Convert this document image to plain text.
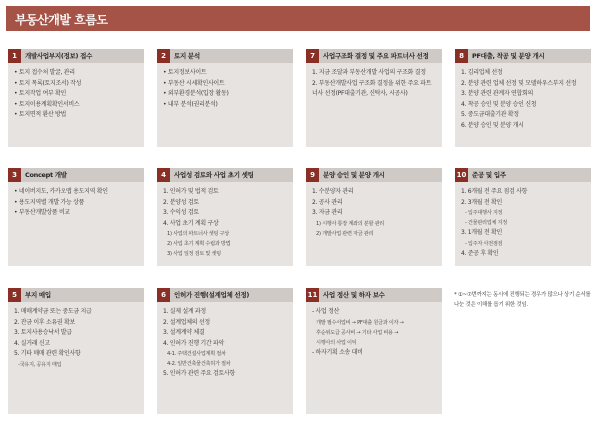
부동산개발 흐름도
1	개발사업부지(정보) 접수
• 토지 접수처 발굴, 관리
• 토지 목록(토지조서) 작성
• 토지작업 여부 확인
• 토지이용계획확인서비스
• 토지면적 환산 방법
2	토지 분석
• 토지정보사이트
• 부동산 시세확인사이트
• 외부환경분석(입장 활동)
• 내부 분석(권리분석)
7	사업구조화 결정 및 주요 파트너사 선정
1. 지금 조달과 부동산개발 사업의 구조화 결정
2. 부동산개발사업 구조화 결정을 위한 주요 파트너사 선정(PF대출기관, 신탁사, 시공사)
8	PF대출, 착공 및 분양 개시
1. 김리업체 선정
2. 분양 관련 업체 선정 및 모델하우스부지 선정
3. 분양 관련 관계자 연합회의
4. 착공 승인 및 분양 승인 신청
5. 중도금대출기관 확정
6. 분양 승인 및 분양 개시
3	Concept 개발
• 네이버지도, 카카오맵 용도지역 확인
• 용도지역별 개발 가능 상품
• 부동산개발상품 비교
4	사업성 검토와 사업 초기 셋팅
1. 인허가 및 법적 검토
2. 분양성 검토
3. 수익성 검토
4. 사업 초기 계획 구상
1) 사업의 파트너사 셋팅 구상
2) 사업 초기 계획 수립과 방법
3) 사업 일정 검토 및 셋팅
9	분양 승인 및 분양 개시
1. 수분양자 관리
2. 공사 관리
3. 자금 관리
1) 시행사 통장 계좌의 분할 관리
2) 개발사업 관련 자금 관리
10 준공 및 입주
1. 6개월 전 주요 점검 사항
2. 3개월 전 확인
- 입주대행사 지정
- 건물관리업체 지정
3. 1개월 전 확인
- 입주자 사전점검
4. 준공 후 확인
5	부지 매입
1. 매매계약금 또는 중도금 지급
2. 잔금 이후 소유권 확보
3. 토지사용승낙서 발급
4. 실거래 신고
5. 기타 매매 관련 확인사항
-국유지, 공유지 매입
6	인허가 진행(설계업체 선정)
1. 실제 설계 과정
2. 설계업체의 선정
3. 설계계약 체결
4. 인허가 진행 기간 파악
4-1. 주택건설사업계획 절차
4-2. 일반건축물건축허가 절차
5. 인허가 관련 주요 검토사항
11 사업 정산 및 하자 보수
- 사업 정산
개발 필수서업비 → PF대출 원금과 이자 →
후순위도급 공사비 → 기타 사업 비용 →
시행사의 사업 이익
- 하자기획 소송 대비
* ①~⑦번까지는 동시에 진행되는 경우가 많으나 상기 순서를 나눈 것은 이해를 돕기 위한 것임.
